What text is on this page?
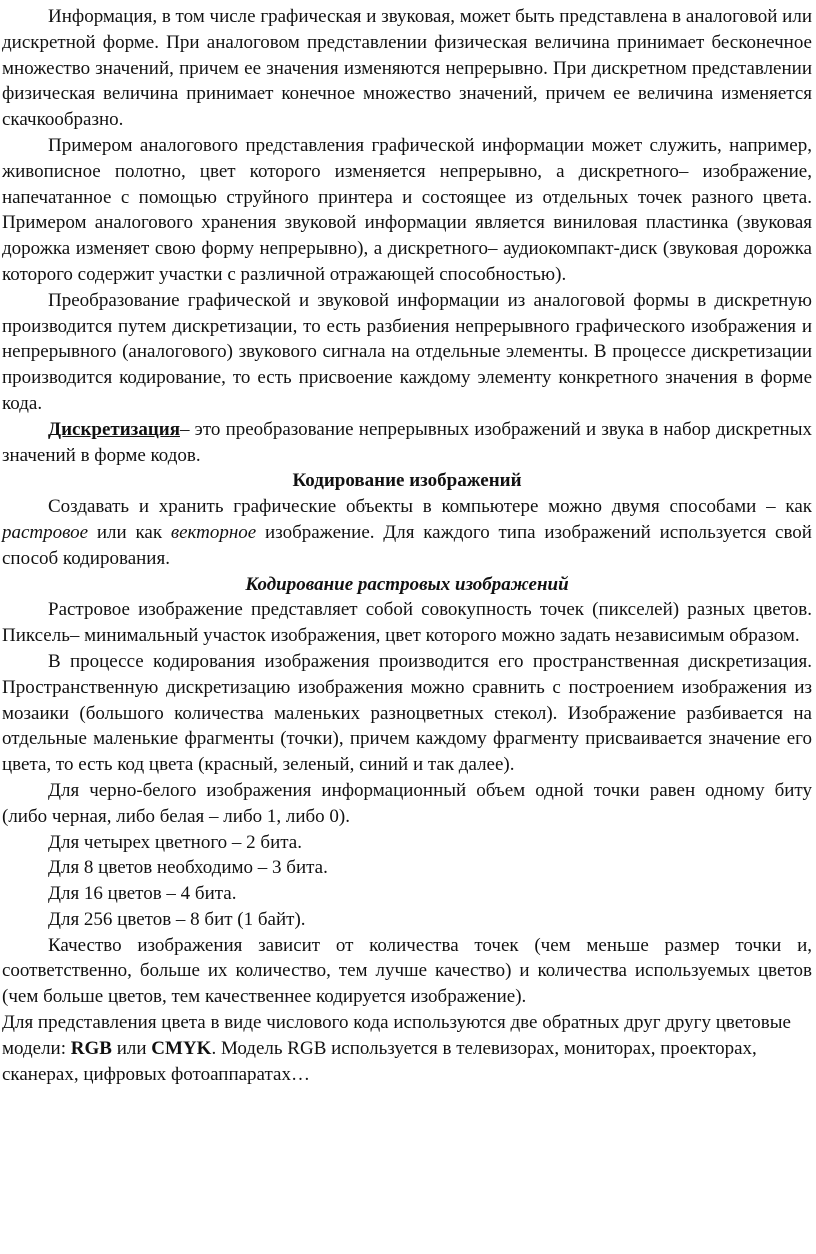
Информация, в том числе графическая и звуковая, может быть представлена в аналоговой или дискретной форме. При аналоговом представлении физическая величина принимает бесконечное множество значений, причем ее значения изменяются непрерывно. При дискретном представлении физическая величина принимает конечное множество значений, причем ее величина изменяется скачкообразно.

Примером аналогового представления графической информации может служить, например, живописное полотно, цвет которого изменяется непрерывно, а дискретного– изображение, напечатанное с помощью струйного принтера и состоящее из отдельных точек разного цвета. Примером аналогового хранения звуковой информации является виниловая пластинка (звуковая дорожка изменяет свою форму непрерывно), а дискретного– аудиокомпакт-диск (звуковая дорожка которого содержит участки с различной отражающей способностью).

Преобразование графической и звуковой информации из аналоговой формы в дискретную производится путем дискретизации, то есть разбиения непрерывного графического изображения и непрерывного (аналогового) звукового сигнала на отдельные элементы. В процессе дискретизации производится кодирование, то есть присвоение каждому элементу конкретного значения в форме кода.

Дискретизация– это преобразование непрерывных изображений и звука в набор дискретных значений в форме кодов.

Кодирование изображений

Создавать и хранить графические объекты в компьютере можно двумя способами – как растровое или как векторное изображение. Для каждого типа изображений используется свой способ кодирования.

Кодирование растровых изображений

Растровое изображение представляет собой совокупность точек (пикселей) разных цветов. Пиксель– минимальный участок изображения, цвет которого можно задать независимым образом.

В процессе кодирования изображения производится его пространственная дискретизация. Пространственную дискретизацию изображения можно сравнить с построением изображения из мозаики (большого количества маленьких разноцветных стекол). Изображение разбивается на отдельные маленькие фрагменты (точки), причем каждому фрагменту присваивается значение его цвета, то есть код цвета (красный, зеленый, синий и так далее).

Для черно-белого изображения информационный объем одной точки равен одному биту (либо черная, либо белая – либо 1, либо 0).

Для четырех цветного – 2 бита.

Для 8 цветов необходимо – 3 бита.

Для 16 цветов – 4 бита.

Для 256 цветов – 8 бит (1 байт).

Качество изображения зависит от количества точек (чем меньше размер точки и, соответственно, больше их количество, тем лучше качество) и количества используемых цветов (чем больше цветов, тем качественнее кодируется изображение).

Для представления цвета в виде числового кода используются две обратных друг другу цветовые модели: RGB или CMYK. Модель RGB используется в телевизорах, мониторах, проекторах, сканерах, цифровых фотоаппаратах…
